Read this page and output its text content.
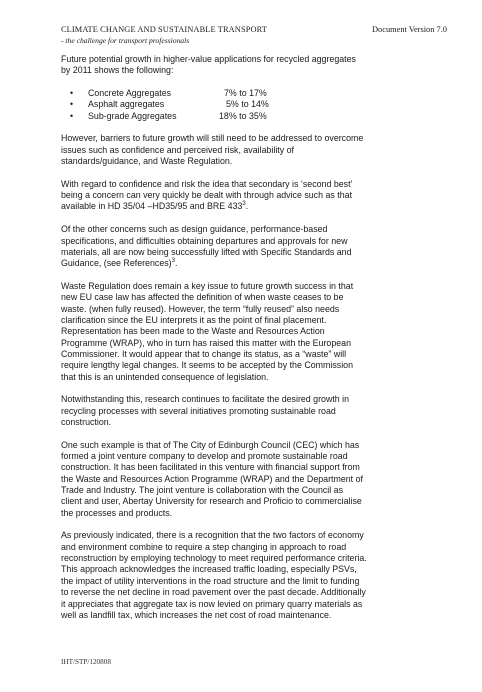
CLIMATE CHANGE AND SUSTAINABLE TRANSPORT
- the challenge for transport professionals
Document Version 7.0

Future potential growth in higher-value applications for recycled aggregates
by 2011 shows the following:

• Concrete Aggregates	7% to 17%
• Asphalt aggregates	5% to 14%
• Sub-grade Aggregates	18% to 35%

However, barriers to future growth will still need to be addressed to overcome
issues such as confidence and perceived risk, availability of
standards/guidance, and Waste Regulation.

With regard to confidence and risk the idea that secondary is ‘second best’
being a concern can very quickly be dealt with through advice such as that
available in HD 35/04 –HD35/95 and BRE $433^3$.

Of the other concerns such as design guidance, performance-based
specifications, and difficulties obtaining departures and approvals for new
materials, all are now being successfully lifted with Specific Standards and
Guidance, (see References)$^3$.

Waste Regulation does remain a key issue to future growth success in that
new EU case law has affected the definition of when waste ceases to be
waste. (when fully reused). However, the term “fully reused” also needs
clarification since the EU interprets it as the point of final placement.
Representation has been made to the Waste and Resources Action
Programme (WRAP), who in turn has raised this matter with the European
Commissioner. It would appear that to change its status, as a “waste” will
require lengthy legal changes. It seems to be accepted by the Commission
that this is an unintended consequence of legislation.

Notwithstanding this, research continues to facilitate the desired growth in
recycling processes with several initiatives promoting sustainable road
construction.

One such example is that of The City of Edinburgh Council (CEC) which has
formed a joint venture company to develop and promote sustainable road
construction. It has been facilitated in this venture with financial support from
the Waste and Resources Action Programme (WRAP) and the Department of
Trade and Industry. The joint venture is collaboration with the Council as
client and user, Abertay University for research and Proficio to commercialise
the processes and products.

As previously indicated, there is a recognition that the two factors of economy
and environment combine to require a step changing in approach to road
reconstruction by employing technology to meet required performance criteria.
This approach acknowledges the increased traffic loading, especially PSVs,
the impact of utility interventions in the road structure and the limit to funding
to reverse the net decline in road pavement over the past decade. Additionally
it appreciates that aggregate tax is now levied on primary quarry materials as
well as landfill tax, which increases the net cost of road maintenance.

IHT/STP/120808
